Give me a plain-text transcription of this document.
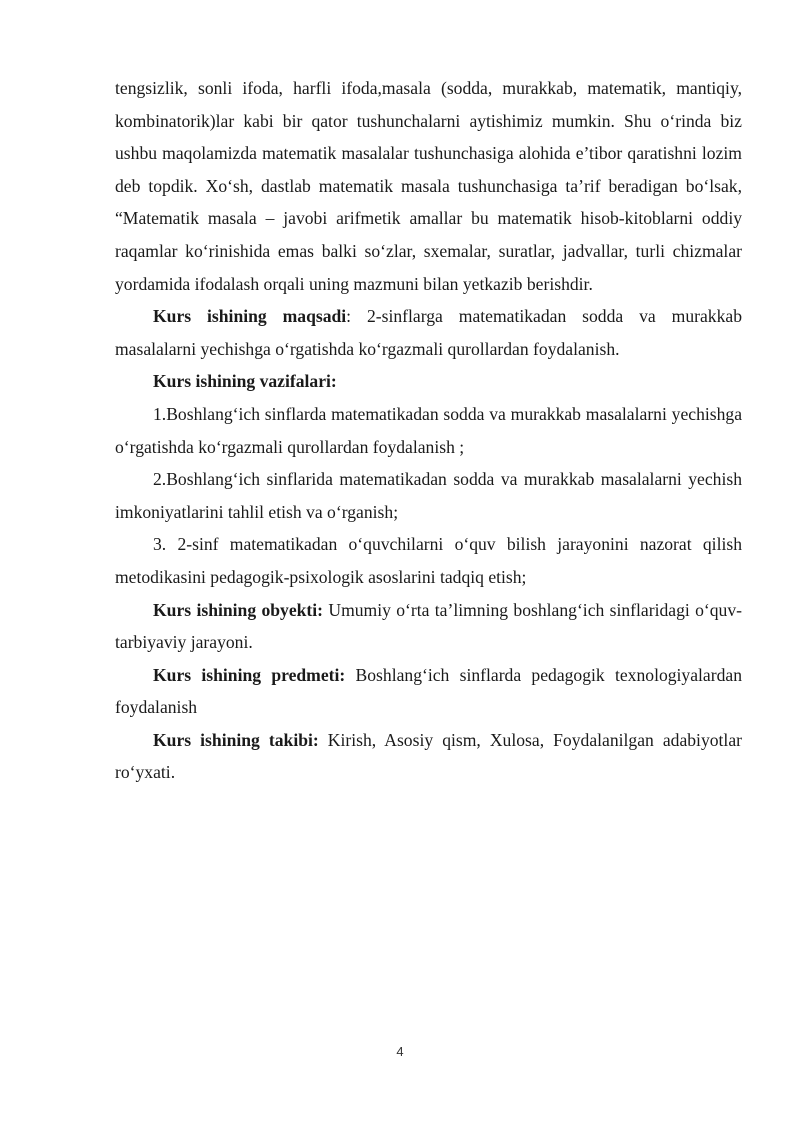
tengsizlik, sonli ifoda, harfli ifoda,masala (sodda, murakkab, matematik, mantiqiy, kombinatorik)lar kabi bir qator tushunchalarni aytishimiz mumkin. Shu o‘rinda biz ushbu maqolamizda matematik masalalar tushunchasiga alohida e’tibor qaratishni lozim deb topdik. Xo‘sh, dastlab matematik masala tushunchasiga ta’rif beradigan bo‘lsak, “Matematik masala – javobi arifmetik amallar bu matematik hisob-kitoblarni oddiy raqamlar ko‘rinishida emas balki so‘zlar, sxemalar, suratlar, jadvallar, turli chizmalar yordamida ifodalash orqali uning mazmuni bilan yetkazib berishdir.

Kurs ishining maqsadi: 2-sinflarga matematikadan sodda va murakkab masalalarni yechishga o‘rgatishda ko‘rgazmali qurollardan foydalanish.

Kurs ishining vazifalari:

1.Boshlang‘ich sinflarda matematikadan sodda va murakkab masalalarni yechishga o‘rgatishda ko‘rgazmali qurollardan foydalanish ;

2.Boshlang‘ich sinflarida matematikadan sodda va murakkab masalalarni yechish imkoniyatlarini tahlil etish va o‘rganish;

3. 2-sinf matematikadan o‘quvchilarni o‘quv bilish jarayonini nazorat qilish metodikasini pedagogik-psixologik asoslarini tadqiq etish;

Kurs ishining obyekti: Umumiy o‘rta ta’limning boshlang‘ich sinflaridagi o‘quv-tarbiyaviy jarayoni.

Kurs ishining predmeti: Boshlang‘ich sinflarda pedagogik texnologiyalardan foydalanish

Kurs ishining takibi: Kirish, Asosiy qism, Xulosa, Foydalanilgan adabiyotlar ro‘yxati.

4
